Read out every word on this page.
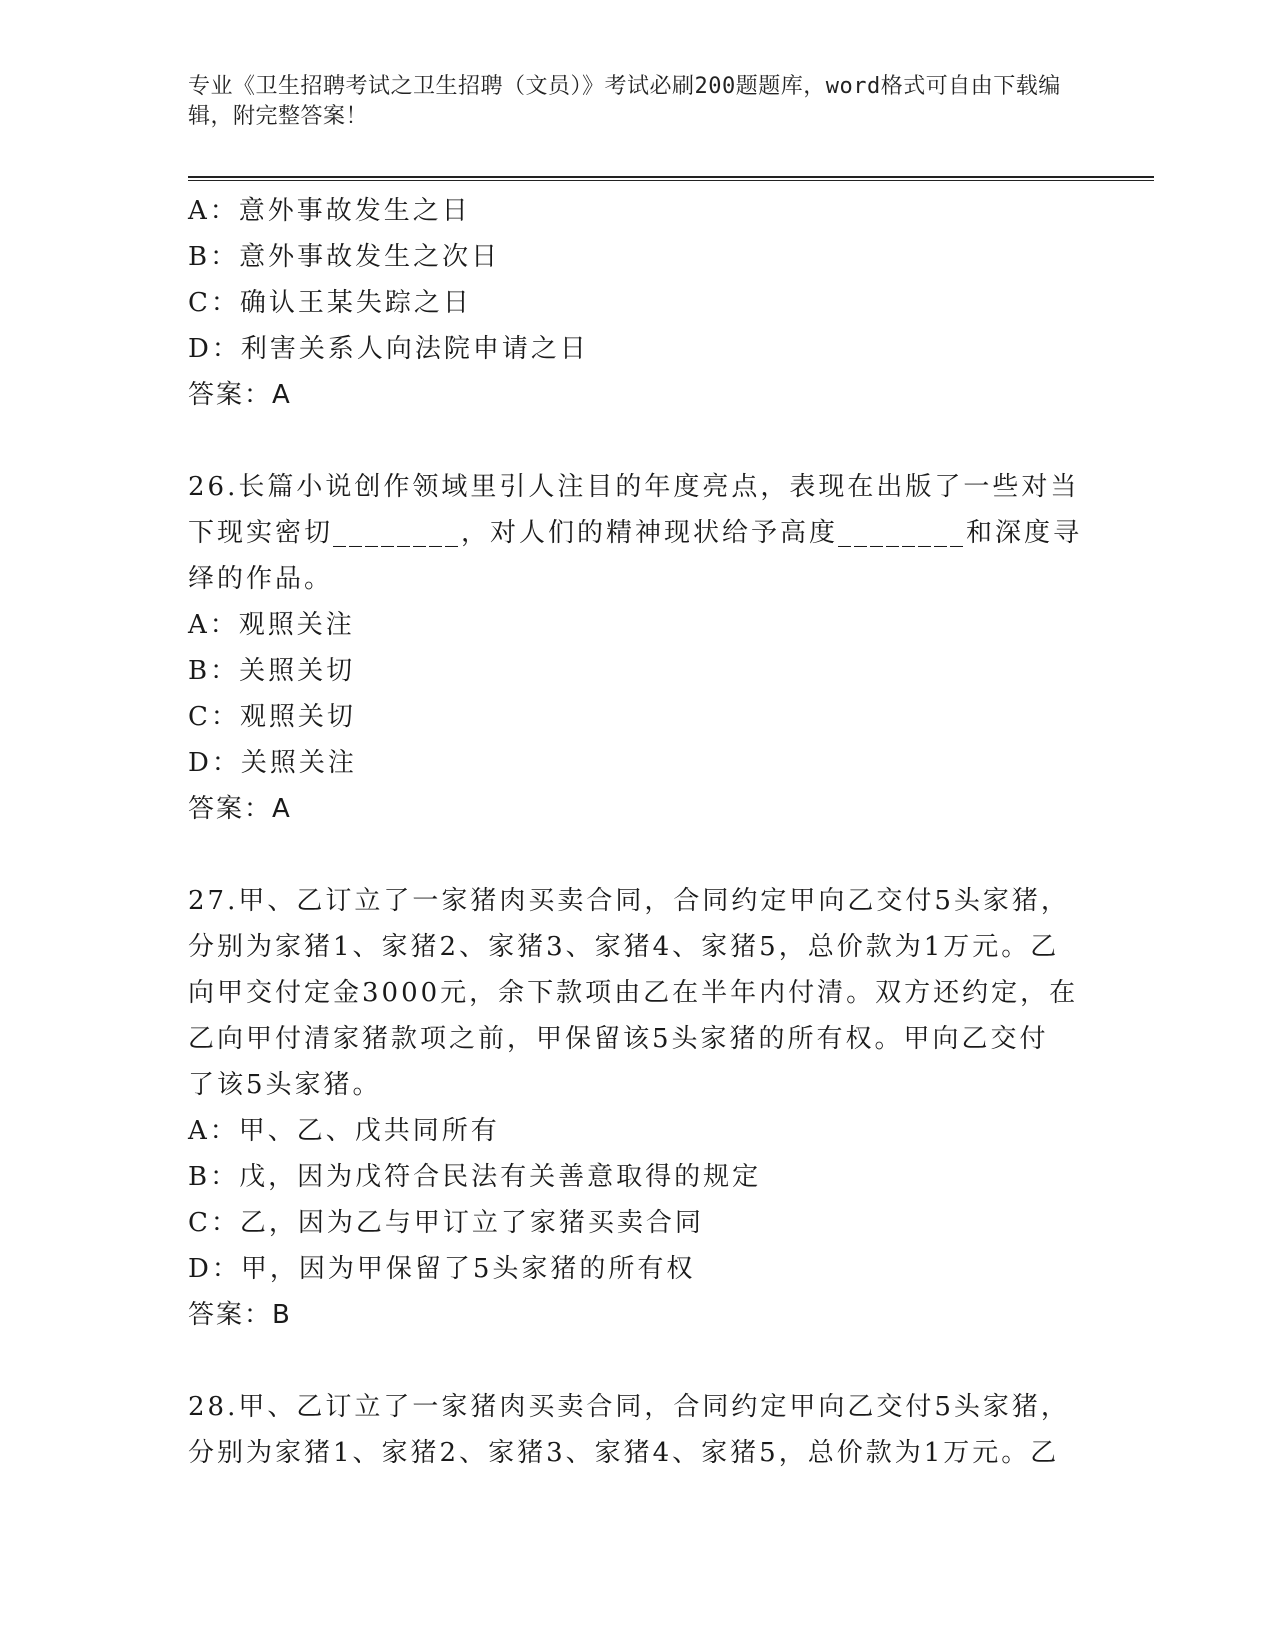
专业《卫生招聘考试之卫生招聘（文员）》考试必刷200题题库，word格式可自由下载编辑，附完整答案！
A：意外事故发生之日
B：意外事故发生之次日
C：确认王某失踪之日
D：利害关系人向法院申请之日
答案：A
26.长篇小说创作领域里引人注目的年度亮点，表现在出版了一些对当
下现实密切________，对人们的精神现状给予高度________和深度寻
绎的作品。
A：观照关注
B：关照关切
C：观照关切
D：关照关注
答案：A
27.甲、乙订立了一家猪肉买卖合同，合同约定甲向乙交付5头家猪，
分别为家猪1、家猪2、家猪3、家猪4、家猪5，总价款为1万元。乙
向甲交付定金3000元，余下款项由乙在半年内付清。双方还约定，在
乙向甲付清家猪款项之前，甲保留该5头家猪的所有权。甲向乙交付
了该5头家猪。
A：甲、乙、戊共同所有
B：戊，因为戊符合民法有关善意取得的规定
C：乙，因为乙与甲订立了家猪买卖合同
D：甲，因为甲保留了5头家猪的所有权
答案：B
28.甲、乙订立了一家猪肉买卖合同，合同约定甲向乙交付5头家猪，
分别为家猪1、家猪2、家猪3、家猪4、家猪5，总价款为1万元。乙
